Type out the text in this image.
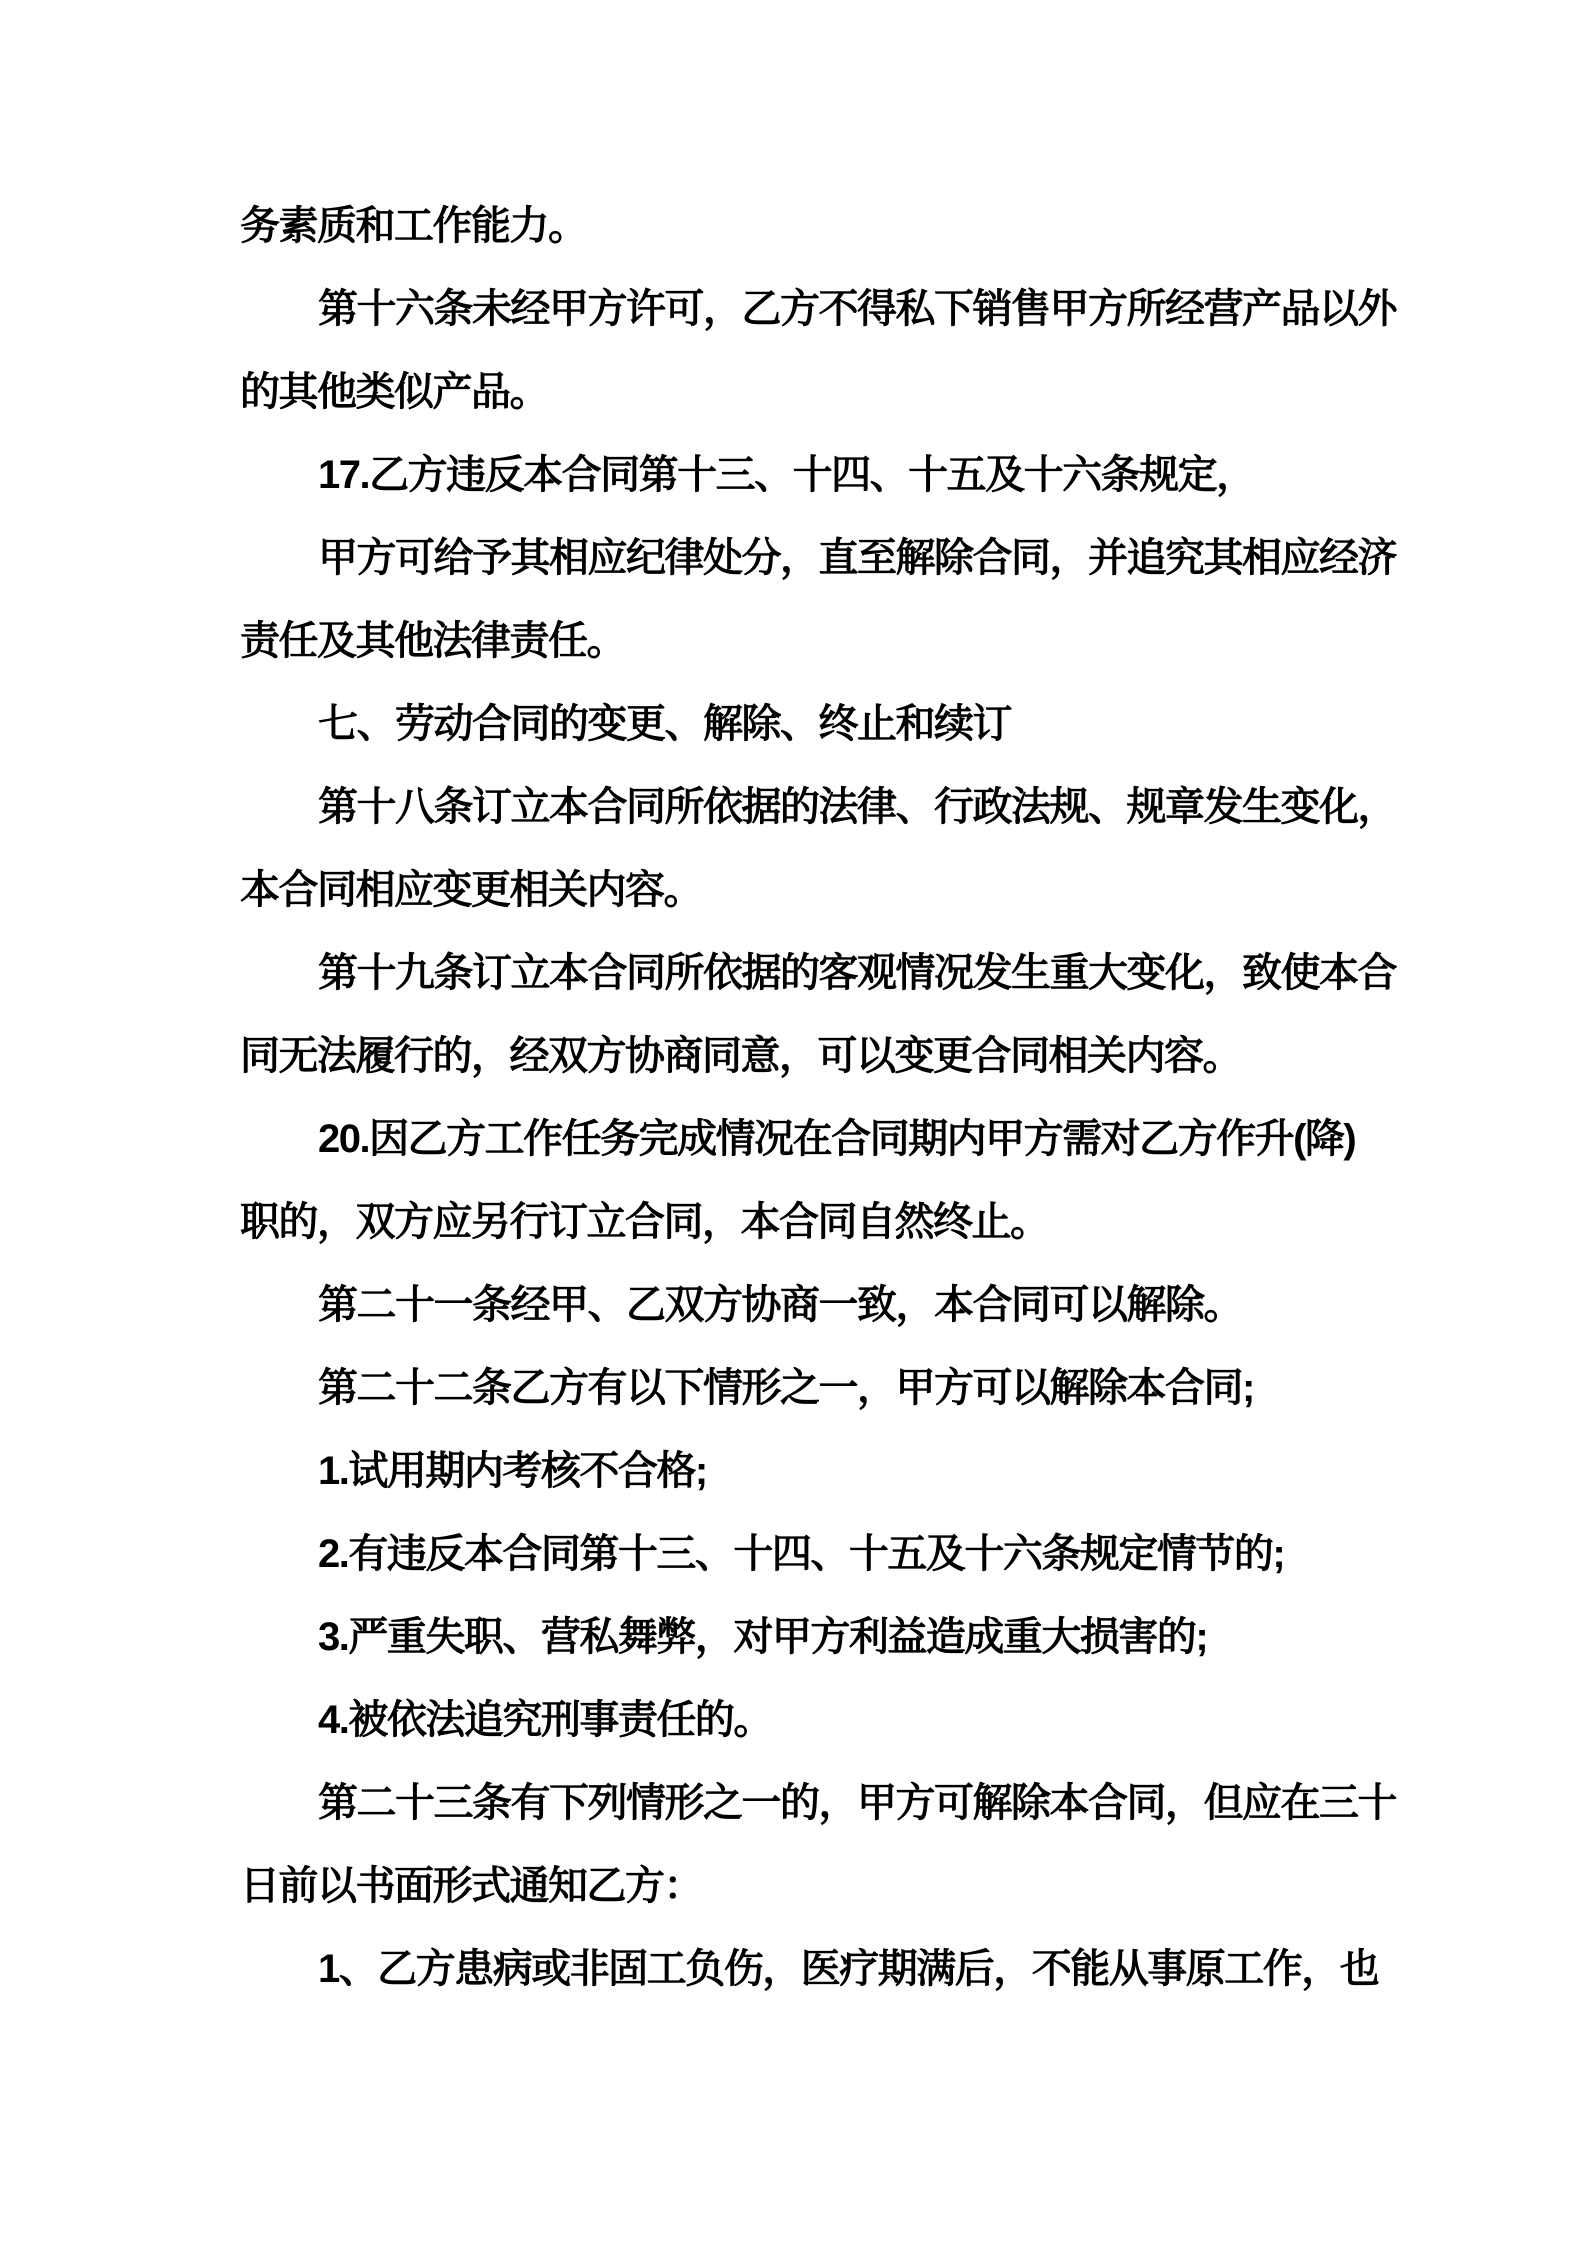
务素质和工作能力。
第十六条未经甲方许可，乙方不得私下销售甲方所经营产品以外
的其他类似产品。
17.乙方违反本合同第十三、十四、十五及十六条规定，
甲方可给予其相应纪律处分，直至解除合同，并追究其相应经济
责任及其他法律责任。
七、劳动合同的变更、解除、终止和续订
第十八条订立本合同所依据的法律、行政法规、规章发生变化，
本合同相应变更相关内容。
第十九条订立本合同所依据的客观情况发生重大变化，致使本合
同无法履行的，经双方协商同意，可以变更合同相关内容。
20.因乙方工作任务完成情况在合同期内甲方需对乙方作升(降)
职的，双方应另行订立合同，本合同自然终止。
第二十一条经甲、乙双方协商一致，本合同可以解除。
第二十二条乙方有以下情形之一，甲方可以解除本合同;
1.试用期内考核不合格;
2.有违反本合同第十三、十四、十五及十六条规定情节的;
3.严重失职、营私舞弊，对甲方利益造成重大损害的;
4.被依法追究刑事责任的。
第二十三条有下列情形之一的，甲方可解除本合同，但应在三十
日前以书面形式通知乙方：
1、乙方患病或非固工负伤，医疗期满后，不能从事原工作，也
